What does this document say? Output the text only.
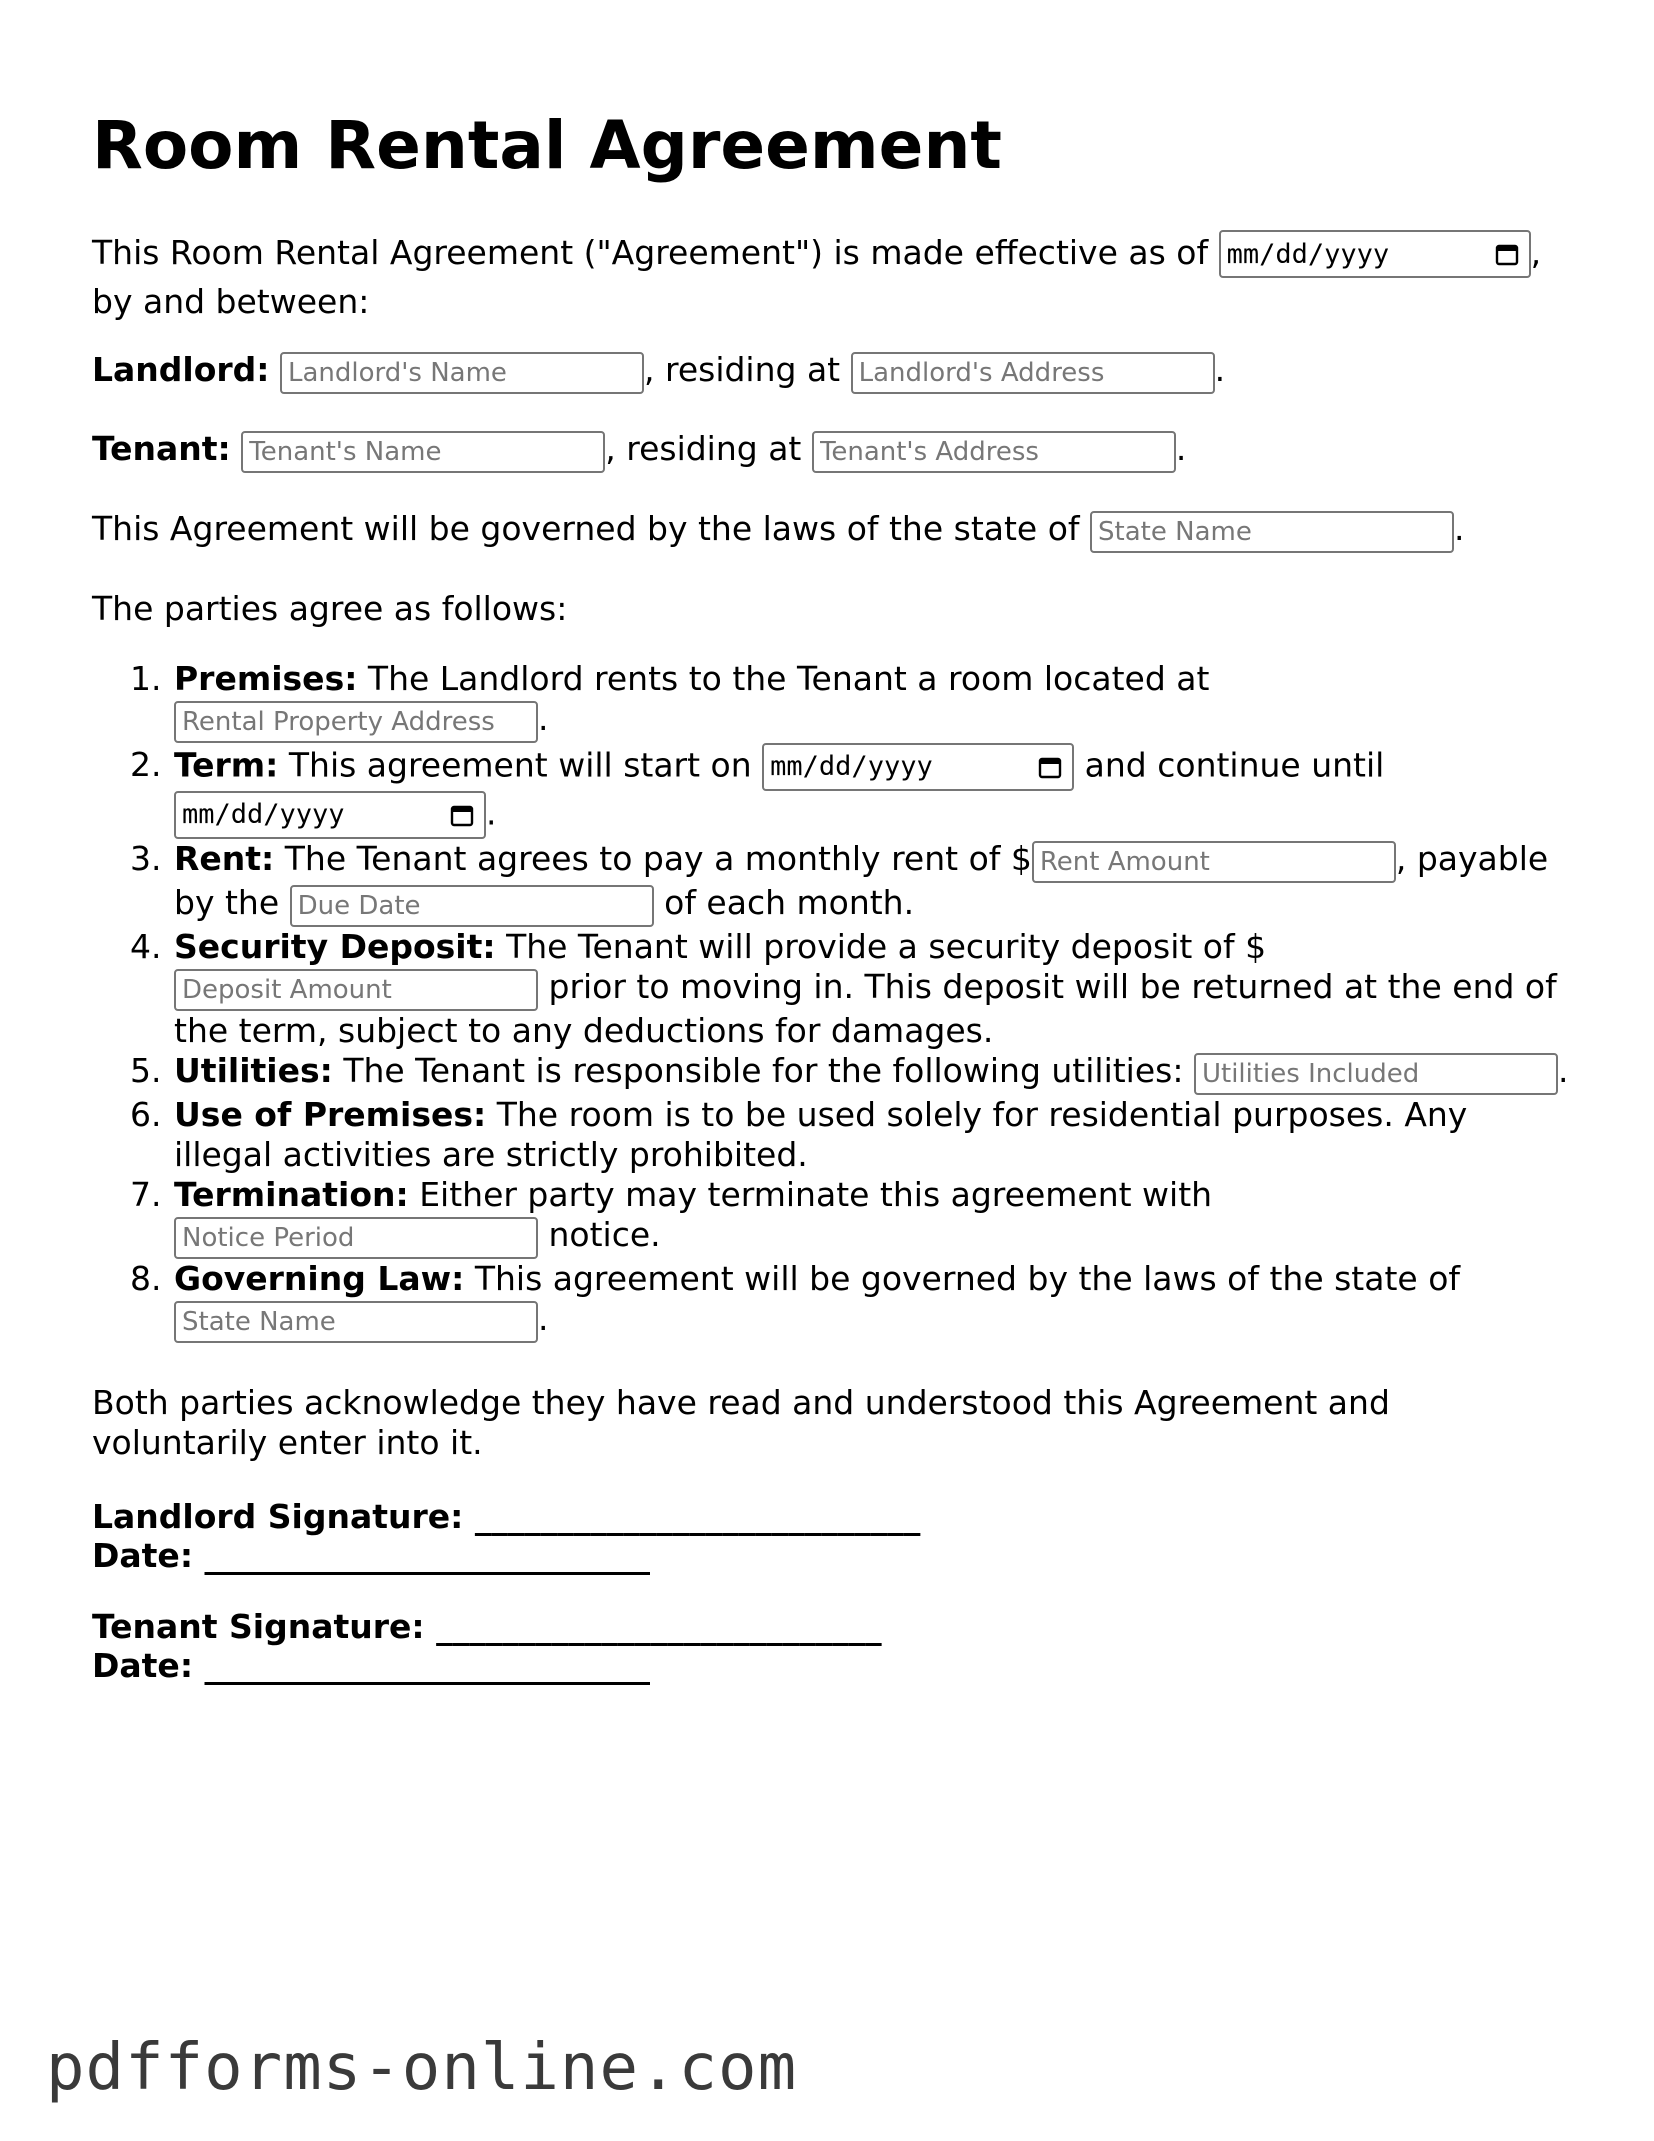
Room Rental Agreement

This Room Rental Agreement ("Agreement") is made effective as of mm/dd/yyyy	, by and between:

Landlord: Landlord's Name	, residing at Landlord's Address	.

Tenant: Tenant's Name	, residing at Tenant's Address	.

This Agreement will be governed by the laws of the state of State Name	.

The parties agree as follows:

1. Premises: The Landlord rents to the Tenant a room located at Rental Property Address.
2. Term: This agreement will start on mm/dd/yyyy	and continue until
mm/dd/yyyy	.
3. Rent: The Tenant agrees to pay a monthly rent of $Rent Amount	, payable by the Due Date	of each month.
4. Security Deposit: The Tenant will provide a security deposit of $ Deposit Amount prior to moving in. This deposit will be returned at the end of the term, subject to any deductions for damages.
5. Utilities: The Tenant is responsible for the following utilities: Utilities Included	.
6. Use of Premises: The room is to be used solely for residential purposes. Any illegal activities are strictly prohibited.
7. Termination: Either party may terminate this agreement with Notice Period notice.
8. Governing Law: This agreement will be governed by the laws of the state of State Name.

Both parties acknowledge they have read and understood this Agreement and voluntarily enter into it.

Landlord Signature: ___________________________
Date: ___________________________
Tenant Signature: ___________________________
Date: ___________________________
pdfforms-online.com
